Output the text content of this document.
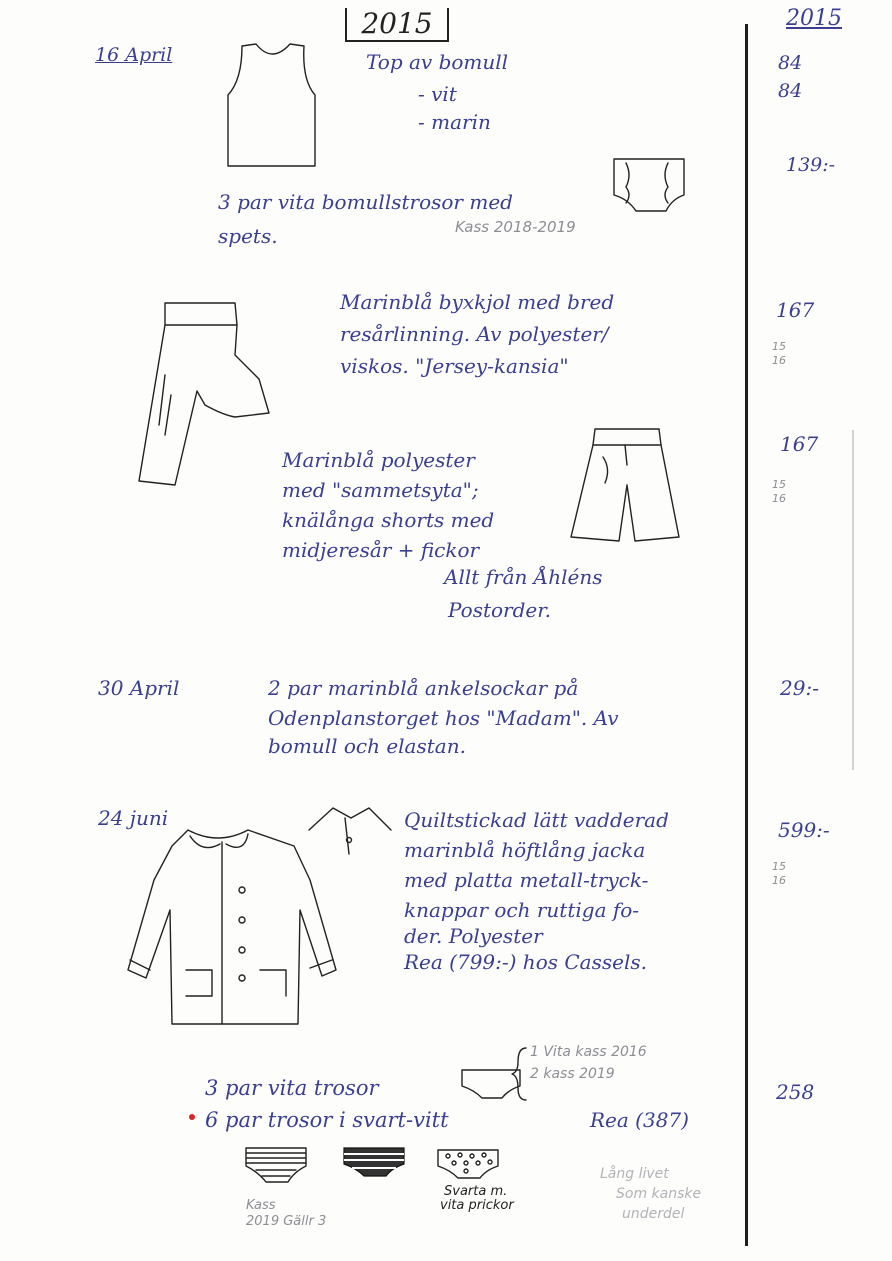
2015	2015
16 April	Top av bomull
- vit
- marin
84
84
3 par vita bomullstrosor med
spets.	Kass 2018-2019
139:-
Marinblå byxkjol med bred
resårlinning. Av polyester/
viskos. "Jersey-kansia"
167
15
16
Marinblå polyester
med "sammetsyta";
knälånga shorts med
midjeresår + fickor
Allt från Åhléns
Postorder.
167
15
16
30 April	2 par marinblå ankelsockar på
Odenplanstorget hos "Madam". Av
bomull och elastan.
29:-
24 juni	Quiltstickad lätt vadderad
marinblå höftlång jacka
med platta metall-tryck-
knappar och ruttiga fo-
der. Polyester
Rea (799:-) hos Cassels.
599:-
15
16
3 par vita trosor
1 Vita kass 2016
2 kass 2019
258
6 par trosor i svart-vitt	Rea (387)
Kass
2019 Gällr 3
Svarta m.
vita prickor
Lång livet
Som kanske
underdel
